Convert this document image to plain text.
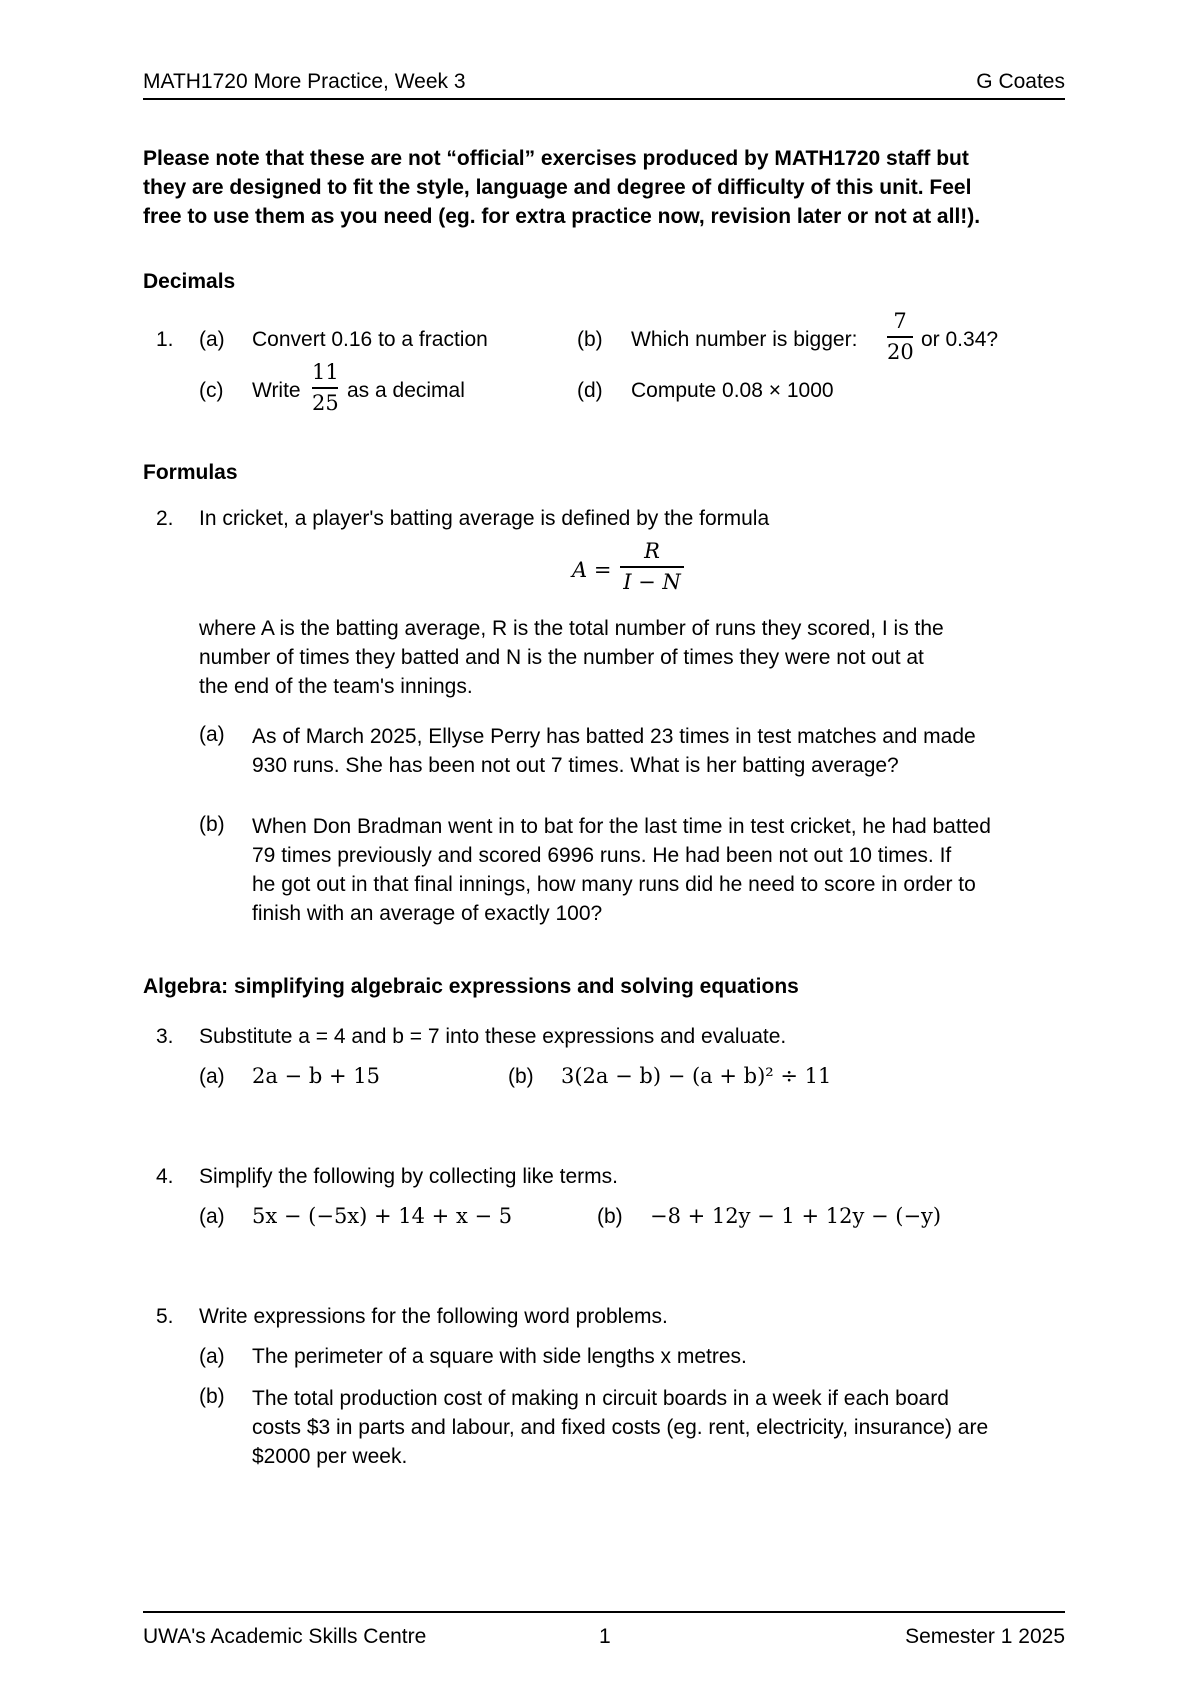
MATH1720 More Practice, Week 3	G Coates
Please note that these are not “official” exercises produced by MATH1720 staff but
they are designed to fit the style, language and degree of difficulty of this unit. Feel
free to use them as you need (eg. for extra practice now, revision later or not at all!).
Decimals
1. (a) Convert 0.16 to a fraction	(b) Which number is bigger:
7
20 or 0.34?
(c) Write
11
25 as a decimal	(d) Compute 0.08 × 1000
Formulas
2. In cricket, a player's batting average is defined by the formula
A =
R
I − N
where A is the batting average, R is the total number of runs they scored, I is the
number of times they batted and N is the number of times they were not out at
the end of the team's innings.
(a) As of March 2025, Ellyse Perry has batted 23 times in test matches and made
930 runs. She has been not out 7 times. What is her batting average?
(b) When Don Bradman went in to bat for the last time in test cricket, he had batted
79 times previously and scored 6996 runs. He had been not out 10 times. If
he got out in that final innings, how many runs did he need to score in order to
finish with an average of exactly 100?
Algebra: simplifying algebraic expressions and solving equations
3. Substitute a = 4 and b = 7 into these expressions and evaluate.
(a) 2a − b + 15	(b) 3(2a − b) − (a + b)² ÷ 11
4. Simplify the following by collecting like terms.
(a) 5x − (−5x) + 14 + x − 5	(b) −8 + 12y − 1 + 12y − (−y)
5. Write expressions for the following word problems.
(a) The perimeter of a square with side lengths x metres.
(b) The total production cost of making n circuit boards in a week if each board
costs $3 in parts and labour, and fixed costs (eg. rent, electricity, insurance) are
$2000 per week.
UWA's Academic Skills Centre	1	Semester 1 2025
